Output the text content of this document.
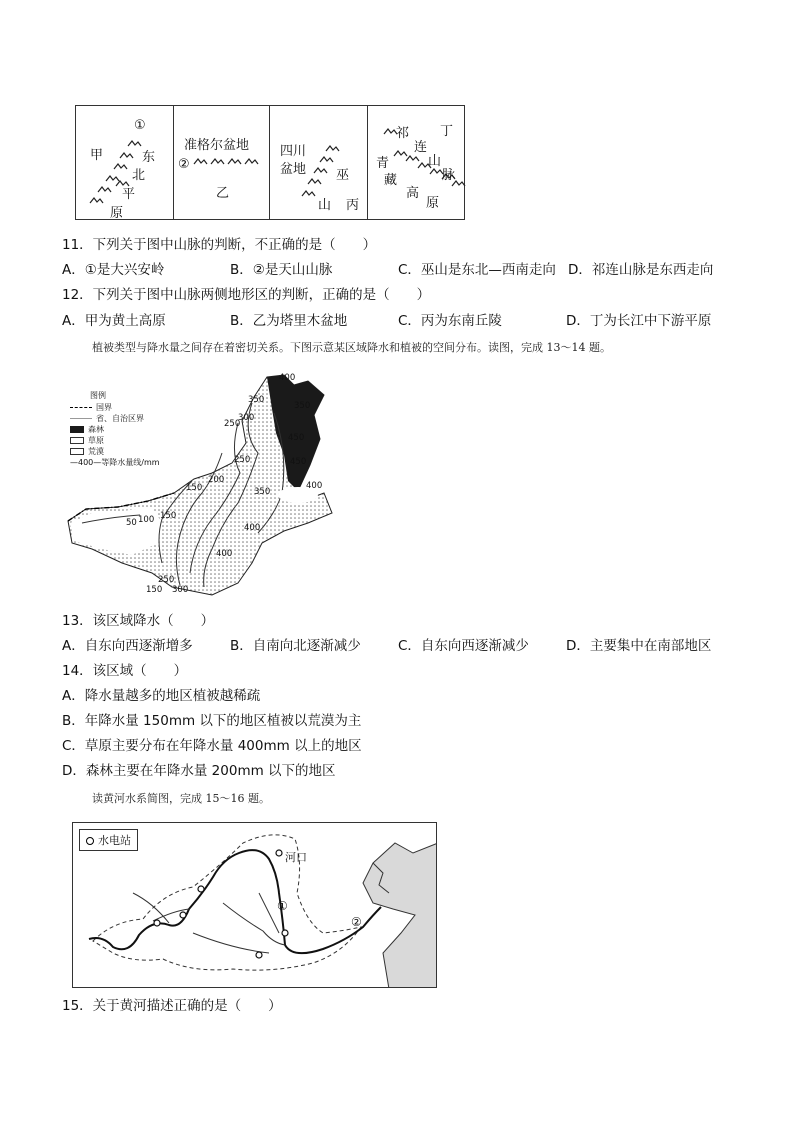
①
甲	东
北
平
原
准格尔盆地
②
乙
四川
盆地 巫
山 丙
祁 丁
连
青	山
藏	脉
高
原
11．下列关于图中山脉的判断，不正确的是（　　）
A．①是大兴安岭	B．②是天山山脉	C．巫山是东北—西南走向 D．祁连山脉是东西走向
12．下列关于图中山脉两侧地形区的判断，正确的是（　　）
A．甲为黄土高原	B．乙为塔里木盆地	C．丙为东南丘陵	D．丁为长江中下游平原
植被类型与降水量之间存在着密切关系。下图示意某区域降水和植被的空间分布。读图，完成 13～14 题。
图例
国界
省、自治区界
森林
草原
荒漠
—400—等降水量线/mm
400
350
350
300
450
250
250	450
200
400
150	350
50 100 150
400
250
400
150 300
13．该区域降水（　　）
A．自东向西逐渐增多	B．自南向北逐渐减少	C．自东向西逐渐减少	D．主要集中在南部地区
14．该区域（　　）
A．降水量越多的地区植被越稀疏
B．年降水量 150mm 以下的地区植被以荒漠为主
C．草原主要分布在年降水量 400mm 以上的地区
D．森林主要在年降水量 200mm 以下的地区
读黄河水系简图，完成 15～16 题。
水电站
河口
①
②
15．关于黄河描述正确的是（　　）
